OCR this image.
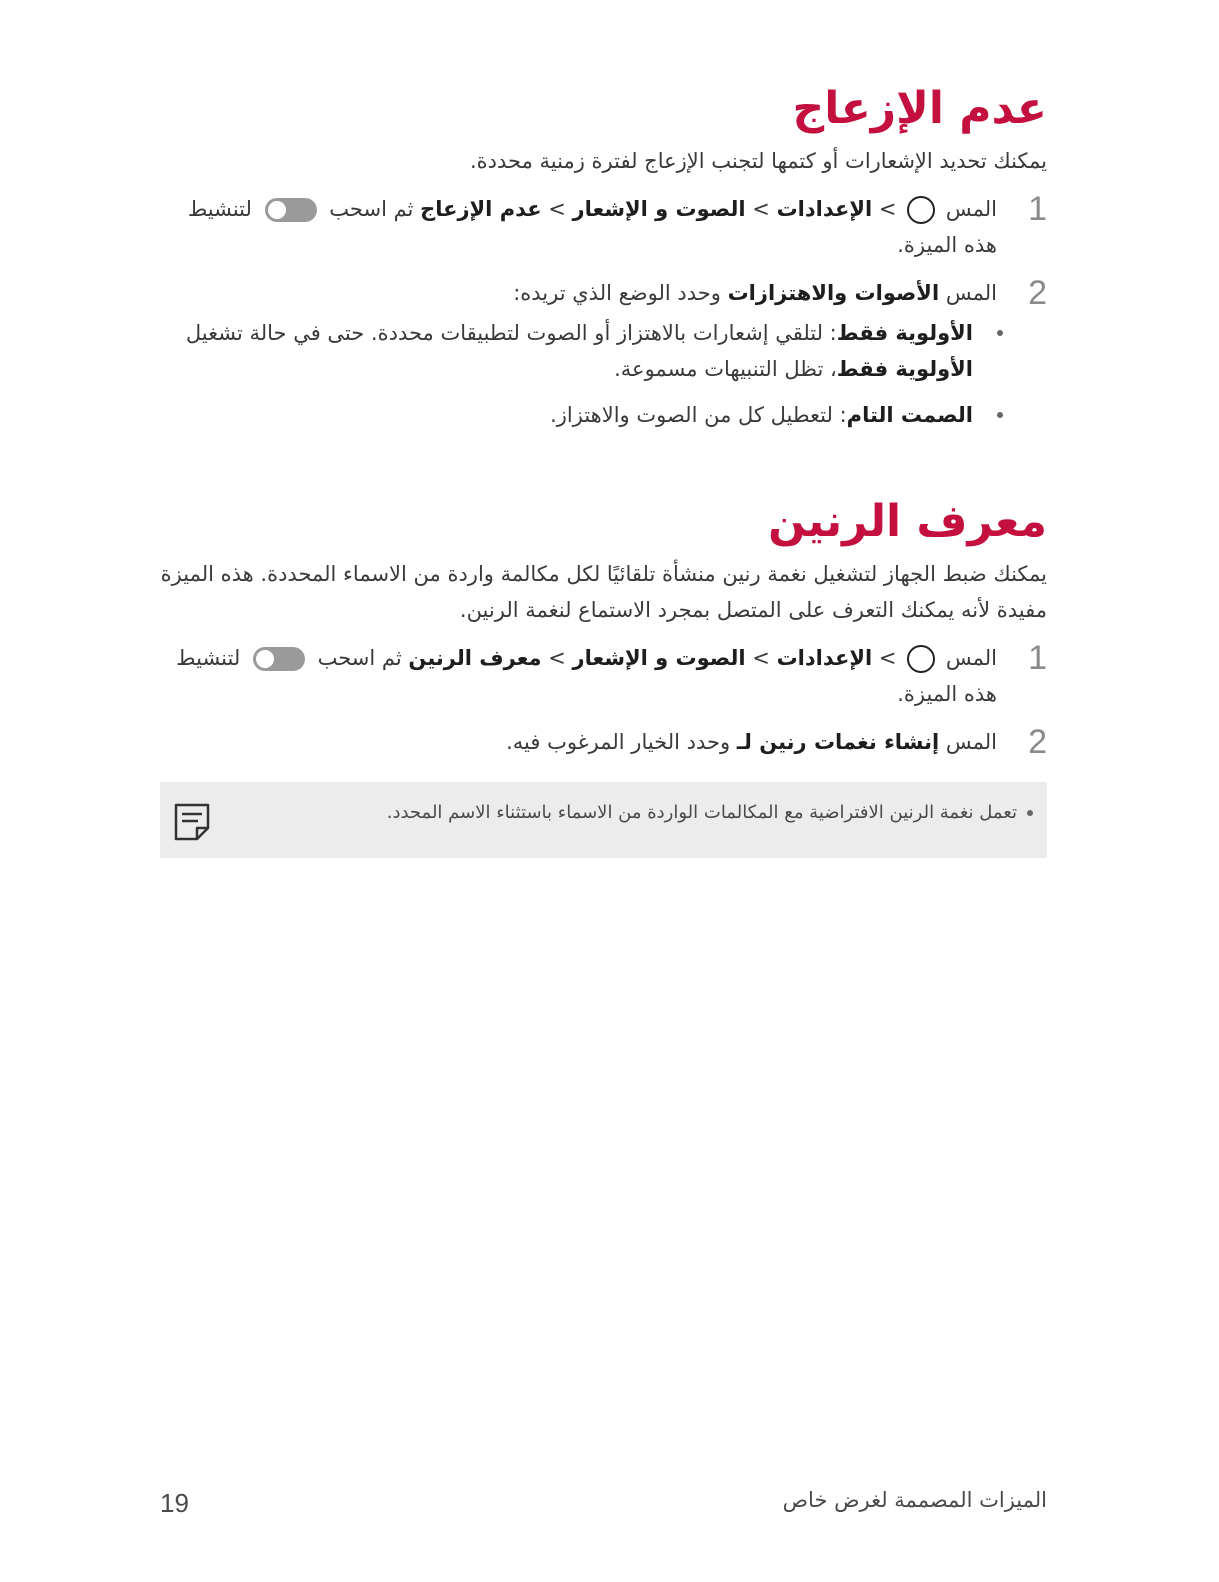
عدم الإزعاج

يمكنك تحديد الإشعارات أو كتمها لتجنب الإزعاج لفترة زمنية محددة.

1
المس  > الإعدادات > الصوت و الإشعار > عدم الإزعاج ثم اسحب  لتنشيط هذه الميزة.
2
المس الأصوات والاهتزازات وحدد الوضع الذي تريده:
الأولوية فقط: لتلقي إشعارات بالاهتزاز أو الصوت لتطبيقات محددة. حتى في حالة تشغيل الأولوية فقط، تظل التنبيهات مسموعة.
الصمت التام: لتعطيل كل من الصوت والاهتزاز.
معرف الرنين

يمكنك ضبط الجهاز لتشغيل نغمة رنين منشأة تلقائيًا لكل مكالمة واردة من الاسماء المحددة. هذه الميزة مفيدة لأنه يمكنك التعرف على المتصل بمجرد الاستماع لنغمة الرنين.

1
المس  > الإعدادات > الصوت و الإشعار > معرف الرنين ثم اسحب  لتنشيط هذه الميزة.
2
المس إنشاء نغمات رنين لـ وحدد الخيار المرغوب فيه.
تعمل نغمة الرنين الافتراضية مع المكالمات الواردة من الاسماء باستثناء الاسم المحدد.
الميزات المصممة لغرض خاص
19
